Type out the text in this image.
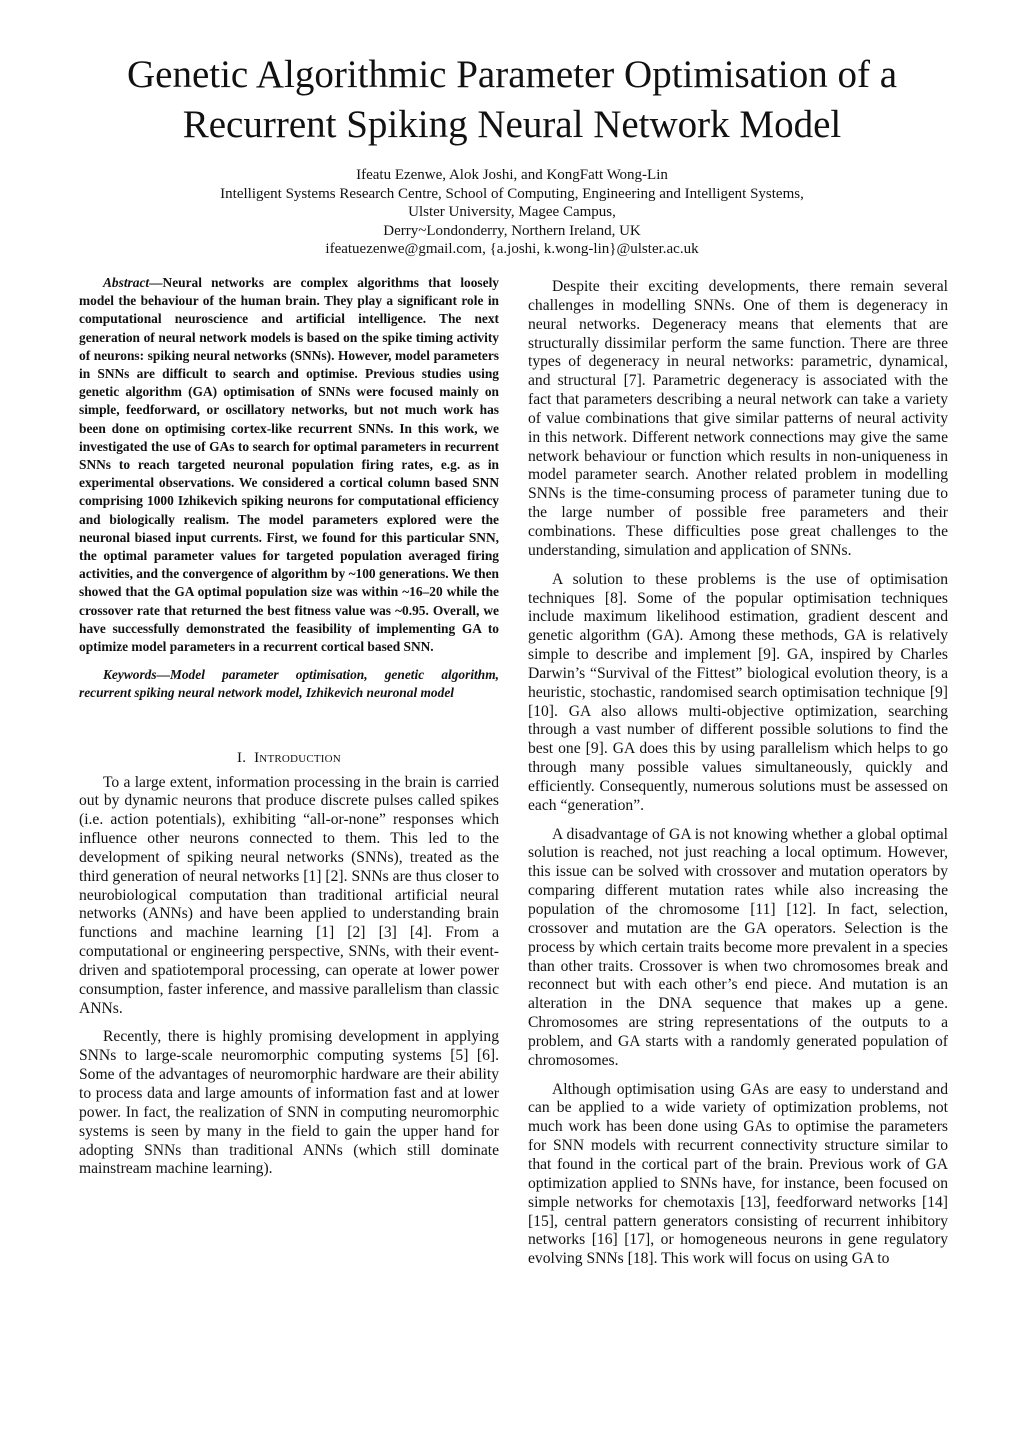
Genetic Algorithmic Parameter Optimisation of a
Recurrent Spiking Neural Network Model
Ifeatu Ezenwe, Alok Joshi, and KongFatt Wong-Lin
Intelligent Systems Research Centre, School of Computing, Engineering and Intelligent Systems,
Ulster University, Magee Campus,
Derry~Londonderry, Northern Ireland, UK
ifeatuezenwe@gmail.com, {a.joshi, k.wong-lin}@ulster.ac.uk

Abstract—Neural networks are complex algorithms that loosely model the behaviour of the human brain. They play a significant role in computational neuroscience and artificial intelligence. The next generation of neural network models is based on the spike timing activity of neurons: spiking neural networks (SNNs). However, model parameters in SNNs are difficult to search and optimise. Previous studies using genetic algorithm (GA) optimisation of SNNs were focused mainly on simple, feedforward, or oscillatory networks, but not much work has been done on optimising cortex-like recurrent SNNs. In this work, we investigated the use of GAs to search for optimal parameters in recurrent SNNs to reach targeted neuronal population firing rates, e.g. as in experimental observations. We considered a cortical column based SNN comprising 1000 Izhikevich spiking neurons for computational efficiency and biologically realism. The model parameters explored were the neuronal biased input currents. First, we found for this particular SNN, the optimal parameter values for targeted population averaged firing activities, and the convergence of algorithm by ~100 generations. We then showed that the GA optimal population size was within ~16–20 while the crossover rate that returned the best fitness value was ~0.95. Overall, we have successfully demonstrated the feasibility of implementing GA to optimize model parameters in a recurrent cortical based SNN.

Keywords—Model parameter optimisation, genetic algorithm, recurrent spiking neural network model, Izhikevich neuronal model

I. Introduction

To a large extent, information processing in the brain is carried out by dynamic neurons that produce discrete pulses called spikes (i.e. action potentials), exhibiting “all-or-none” responses which influence other neurons connected to them. This led to the development of spiking neural networks (SNNs), treated as the third generation of neural networks [1] [2]. SNNs are thus closer to neurobiological computation than traditional artificial neural networks (ANNs) and have been applied to understanding brain functions and machine learning [1] [2] [3] [4]. From a computational or engineering perspective, SNNs, with their event-driven and spatiotemporal processing, can operate at lower power consumption, faster inference, and massive parallelism than classic ANNs.

Recently, there is highly promising development in applying SNNs to large-scale neuromorphic computing systems [5] [6]. Some of the advantages of neuromorphic hardware are their ability to process data and large amounts of information fast and at lower power. In fact, the realization of SNN in computing neuromorphic systems is seen by many in the field to gain the upper hand for adopting SNNs than traditional ANNs (which still dominate mainstream machine learning).

Despite their exciting developments, there remain several challenges in modelling SNNs. One of them is degeneracy in neural networks. Degeneracy means that elements that are structurally dissimilar perform the same function. There are three types of degeneracy in neural networks: parametric, dynamical, and structural [7]. Parametric degeneracy is associated with the fact that parameters describing a neural network can take a variety of value combinations that give similar patterns of neural activity in this network. Different network connections may give the same network behaviour or function which results in non-uniqueness in model parameter search. Another related problem in modelling SNNs is the time-consuming process of parameter tuning due to the large number of possible free parameters and their combinations. These difficulties pose great challenges to the understanding, simulation and application of SNNs.

A solution to these problems is the use of optimisation techniques [8]. Some of the popular optimisation techniques include maximum likelihood estimation, gradient descent and genetic algorithm (GA). Among these methods, GA is relatively simple to describe and implement [9]. GA, inspired by Charles Darwin’s “Survival of the Fittest” biological evolution theory, is a heuristic, stochastic, randomised search optimisation technique [9] [10]. GA also allows multi-objective optimization, searching through a vast number of different possible solutions to find the best one [9]. GA does this by using parallelism which helps to go through many possible values simultaneously, quickly and efficiently. Consequently, numerous solutions must be assessed on each “generation”.

A disadvantage of GA is not knowing whether a global optimal solution is reached, not just reaching a local optimum. However, this issue can be solved with crossover and mutation operators by comparing different mutation rates while also increasing the population of the chromosome [11] [12]. In fact, selection, crossover and mutation are the GA operators. Selection is the process by which certain traits become more prevalent in a species than other traits. Crossover is when two chromosomes break and reconnect but with each other’s end piece. And mutation is an alteration in the DNA sequence that makes up a gene. Chromosomes are string representations of the outputs to a problem, and GA starts with a randomly generated population of chromosomes.

Although optimisation using GAs are easy to understand and can be applied to a wide variety of optimization problems, not much work has been done using GAs to optimise the parameters for SNN models with recurrent connectivity structure similar to that found in the cortical part of the brain. Previous work of GA optimization applied to SNNs have, for instance, been focused on simple networks for chemotaxis [13], feedforward networks [14] [15], central pattern generators consisting of recurrent inhibitory networks [16] [17], or homogeneous neurons in gene regulatory evolving SNNs [18]. This work will focus on using GA to
